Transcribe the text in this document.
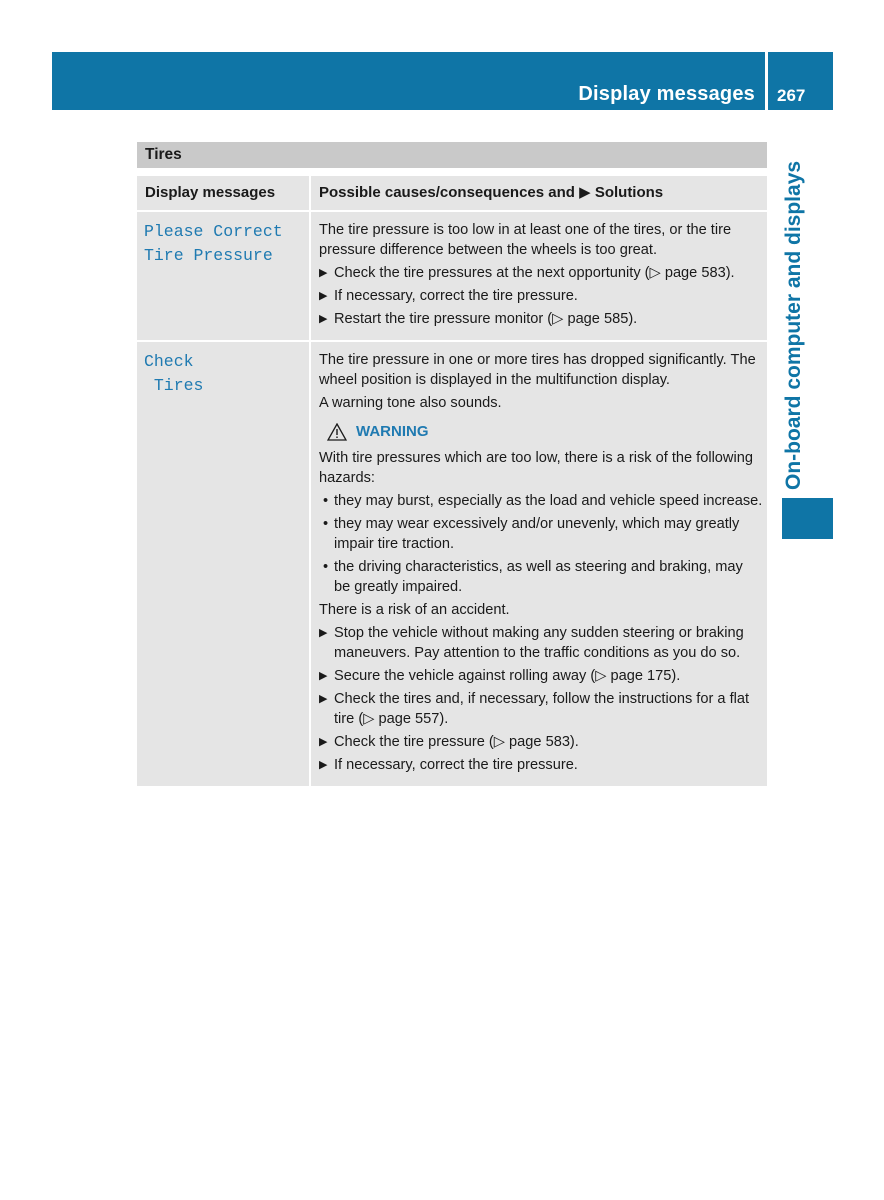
Display messages 267
On-board computer and displays
Tires
Display messages	Possible causes/consequences and ▶ Solutions
Please Correct
Tire Pressure
The tire pressure is too low in at least one of the tires, or the tire pressure difference between the wheels is too great.
▶ Check the tire pressures at the next opportunity (▷ page 583).
▶ If necessary, correct the tire pressure.
▶ Restart the tire pressure monitor (▷ page 585).
Check
Tires
The tire pressure in one or more tires has dropped significantly. The wheel position is displayed in the multifunction display.
A warning tone also sounds.
WARNING
With tire pressures which are too low, there is a risk of the following hazards:
• they may burst, especially as the load and vehicle speed increase.
• they may wear excessively and/or unevenly, which may greatly impair tire traction.
• the driving characteristics, as well as steering and braking, may be greatly impaired.
There is a risk of an accident.
▶ Stop the vehicle without making any sudden steering or braking maneuvers. Pay attention to the traffic conditions as you do so.
▶ Secure the vehicle against rolling away (▷ page 175).
▶ Check the tires and, if necessary, follow the instructions for a flat tire (▷ page 557).
▶ Check the tire pressure (▷ page 583).
▶ If necessary, correct the tire pressure.
